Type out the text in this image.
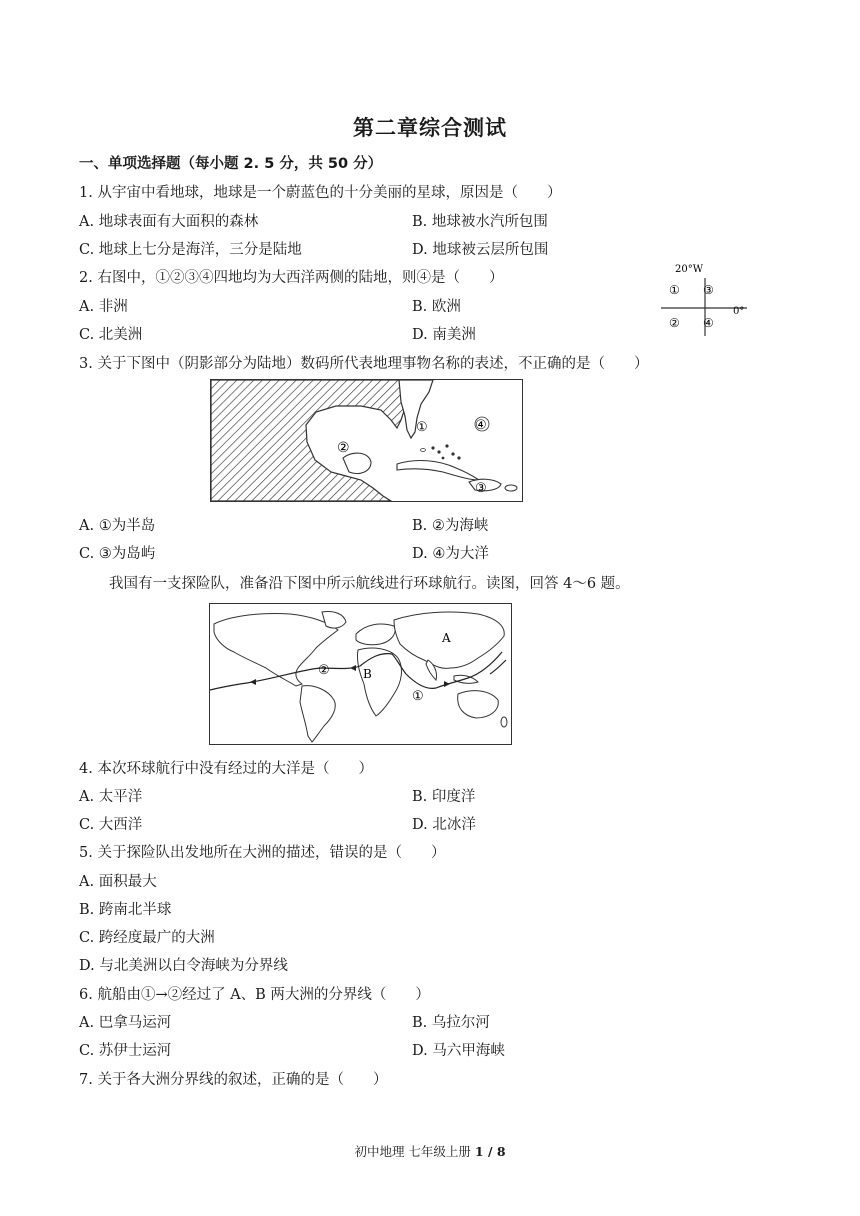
第二章综合测试
一、单项选择题（每小题 2. 5 分，共 50 分）
1. 从宇宙中看地球，地球是一个蔚蓝色的十分美丽的星球，原因是（　　）
A. 地球表面有大面积的森林	B. 地球被水汽所包围
C. 地球上七分是海洋，三分是陆地	D. 地球被云层所包围
2. 右图中，①②③④四地均为大西洋两侧的陆地，则④是（　　）
A. 非洲	B. 欧洲
C. 北美洲	D. 南美洲
20°W
0°
① ③
② ④
3. 关于下图中（阴影部分为陆地）数码所代表地理事物名称的表述，不正确的是（　　）
①
②
③
④
A. ①为半岛	B. ②为海峡
C. ③为岛屿	D. ④为大洋
我国有一支探险队，准备沿下图中所示航线进行环球航行。读图，回答 4～6 题。
A
B
①
②
4. 本次环球航行中没有经过的大洋是（　　）
A. 太平洋	B. 印度洋
C. 大西洋	D. 北冰洋
5. 关于探险队出发地所在大洲的描述，错误的是（　　）
A. 面积最大
B. 跨南北半球
C. 跨经度最广的大洲
D. 与北美洲以白令海峡为分界线
6. 航船由①→②经过了 A、B 两大洲的分界线（　　）
A. 巴拿马运河	B. 乌拉尔河
C. 苏伊士运河	D. 马六甲海峡
7. 关于各大洲分界线的叙述，正确的是（　　）
初中地理 七年级上册 1 / 8
